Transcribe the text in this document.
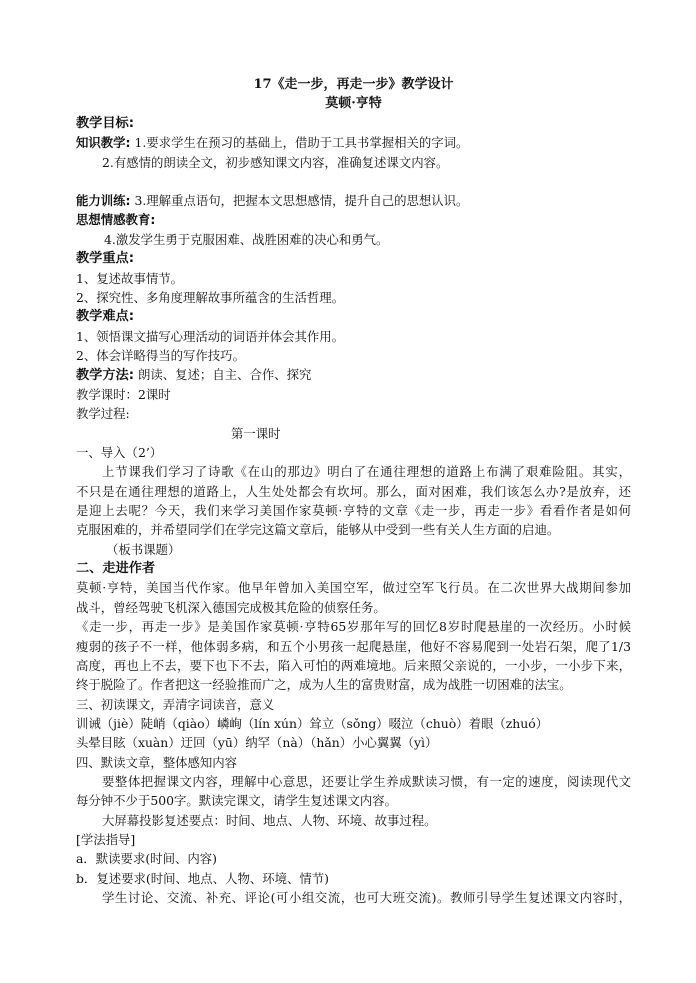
17《走一步，再走一步》教学设计
莫顿·亨特
教学目标:
知识教学: 1.要求学生在预习的基础上，借助于工具书掌握相关的字词。
2.有感情的朗读全文，初步感知课文内容，准确复述课文内容。
能力训练: 3.理解重点语句，把握本文思想感情，提升自己的思想认识。
思想情感教育:
4.激发学生勇于克服困难、战胜困难的决心和勇气。
教学重点:
1、复述故事情节。
2、探究性、多角度理解故事所蕴含的生活哲理。
教学难点:
1、领悟课文描写心理活动的词语并体会其作用。
2、体会详略得当的写作技巧。
教学方法: 朗读、复述；自主、合作、探究
教学课时：2课时
教学过程:
第一课时
一、导入（2’）
上节课我们学习了诗歌《在山的那边》明白了在通往理想的道路上布满了艰难险阻。其实，
不只是在通往理想的道路上，人生处处都会有坎坷。那么，面对困难，我们该怎么办?是放弃，还
是迎上去呢？今天，我们来学习美国作家莫顿·亨特的文章《走一步，再走一步》看看作者是如何
克服困难的，并希望同学们在学完这篇文章后，能够从中受到一些有关人生方面的启迪。
（板书课题）
二、走进作者
莫顿·亨特，美国当代作家。他早年曾加入美国空军，做过空军飞行员。在二次世界大战期间参加
战斗，曾经驾驶飞机深入德国完成极其危险的侦察任务。
《走一步，再走一步》是美国作家莫顿·亨特65岁那年写的回忆8岁时爬悬崖的一次经历。小时候
瘦弱的孩子不一样，他体弱多病，和五个小男孩一起爬悬崖，他好不容易爬到一处岩石架，爬了1/3
高度，再也上不去，要下也下不去，陷入可怕的两难境地。后来照父亲说的，一小步，一小步下来，
终于脱险了。作者把这一经验推而广之，成为人生的富贵财富，成为战胜一切困难的法宝。
三、初读课文，弄清字词读音，意义
训诫（jiè）陡峭（qiào）嶙峋（lín xún）耸立（sǒng）啜泣（chuò）着眼（zhuó）
头晕目眩（xuàn）迂回（yū）纳罕（nà）（hǎn）小心翼翼（yì）
四、默读文章，整体感知内容
要整体把握课文内容，理解中心意思，还要让学生养成默读习惯，有一定的速度，阅读现代文
每分钟不少于500字。默读完课文，请学生复述课文内容。
大屏幕投影复述要点：时间、地点、人物、环境、故事过程。
[学法指导]
a．默读要求(时间、内容)
b．复述要求(时间、地点、人物、环境、情节)
学生讨论、交流、补充、评论(可小组交流，也可大班交流)。教师引导学生复述课文内容时，
